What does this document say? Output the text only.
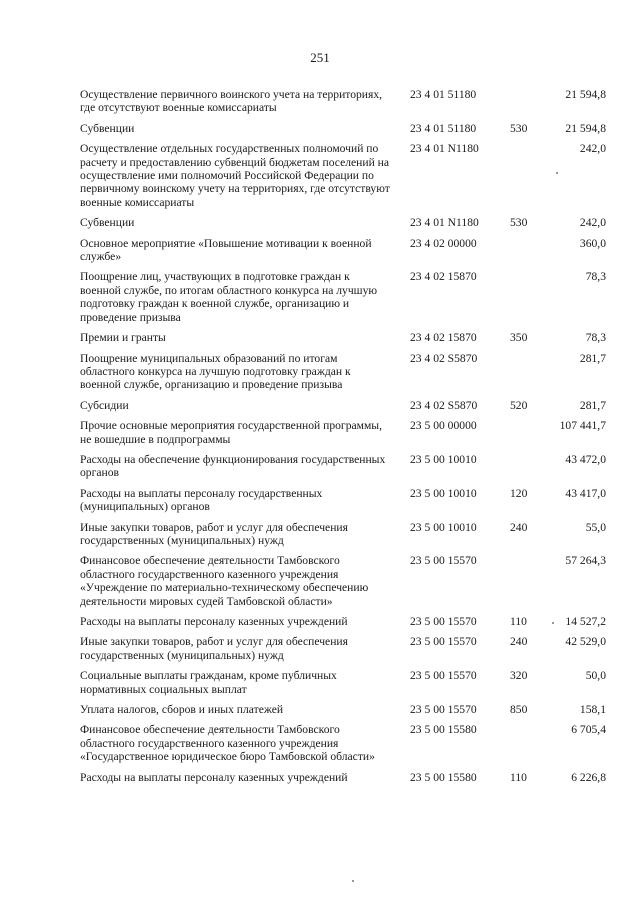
251
Осуществление первичного воинского учета на территориях, где отсутствуют военные комиссариаты	23 4 01 51180		21 594,8
Субвенции	23 4 01 51180	530	21 594,8
Осуществление отдельных государственных полномочий по расчету и предоставлению субвенций бюджетам поселений на осуществление ими полномочий Российской Федерации по первичному воинскому учету на территориях, где отсутствуют военные комиссариаты	23 4 01 N1180		242,0
Субвенции	23 4 01 N1180	530	242,0
Основное мероприятие «Повышение мотивации к военной службе»	23 4 02 00000		360,0
Поощрение лиц, участвующих в подготовке граждан к военной службе, по итогам областного конкурса на лучшую подготовку граждан к военной службе, организацию и проведение призыва	23 4 02 15870		78,3
Премии и гранты	23 4 02 15870	350	78,3
Поощрение муниципальных образований по итогам областного конкурса на лучшую подготовку граждан к военной службе, организацию и проведение призыва	23 4 02 S5870		281,7
Субсидии	23 4 02 S5870	520	281,7
Прочие основные мероприятия государственной программы, не вошедшие в подпрограммы	23 5 00 00000		107 441,7
Расходы на обеспечение функционирования государственных органов	23 5 00 10010		43 472,0
Расходы на выплаты персоналу государственных (муниципальных) органов	23 5 00 10010	120	43 417,0
Иные закупки товаров, работ и услуг для обеспечения государственных (муниципальных) нужд	23 5 00 10010	240	55,0
Финансовое обеспечение деятельности Тамбовского областного государственного казенного учреждения «Учреждение по материально-техническому обеспечению деятельности мировых судей Тамбовской области»	23 5 00 15570		57 264,3
Расходы на выплаты персоналу казенных учреждений	23 5 00 15570	110	14 527,2
Иные закупки товаров, работ и услуг для обеспечения государственных (муниципальных) нужд	23 5 00 15570	240	42 529,0
Социальные выплаты гражданам, кроме публичных нормативных социальных выплат	23 5 00 15570	320	50,0
Уплата налогов, сборов и иных платежей	23 5 00 15570	850	158,1
Финансовое обеспечение деятельности Тамбовского областного государственного казенного учреждения «Государственное юридическое бюро Тамбовской области»	23 5 00 15580		6 705,4
Расходы на выплаты персоналу казенных учреждений	23 5 00 15580	110	6 226,8
